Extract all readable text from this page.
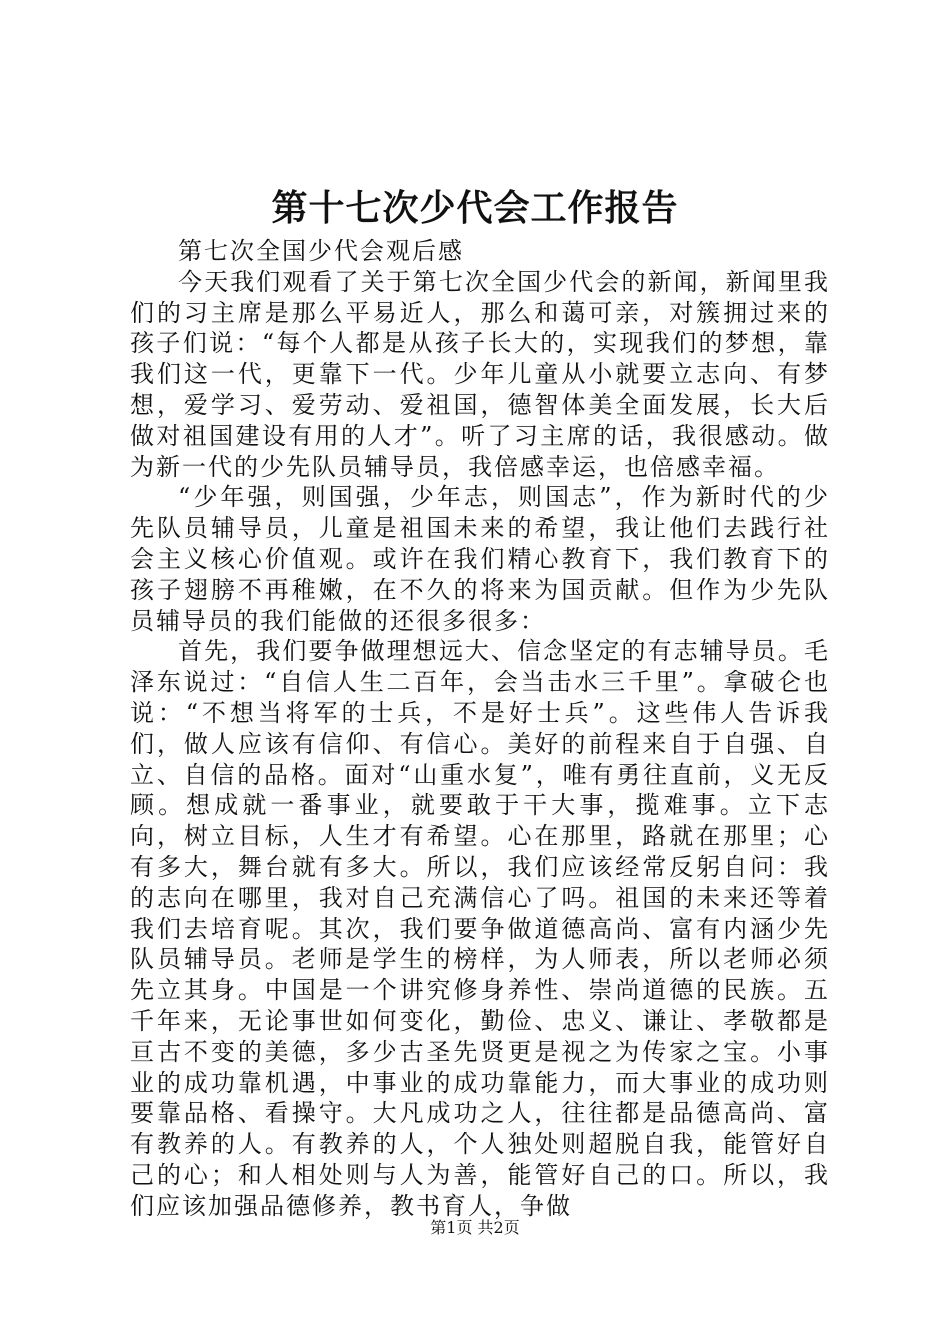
第十七次少代会工作报告

第七次全国少代会观后感

今天我们观看了关于第七次全国少代会的新闻，新闻里我们的习主席是那么平易近人，那么和蔼可亲，对簇拥过来的孩子们说：“每个人都是从孩子长大的，实现我们的梦想，靠我们这一代，更靠下一代。少年儿童从小就要立志向、有梦想，爱学习、爱劳动、爱祖国，德智体美全面发展，长大后做对祖国建设有用的人才”。听了习主席的话，我很感动。做为新一代的少先队员辅导员，我倍感幸运，也倍感幸福。

“少年强，则国强，少年志，则国志”，作为新时代的少先队员辅导员，儿童是祖国未来的希望，我让他们去践行社会主义核心价值观。或许在我们精心教育下，我们教育下的孩子翅膀不再稚嫩，在不久的将来为国贡献。但作为少先队员辅导员的我们能做的还很多很多：

首先，我们要争做理想远大、信念坚定的有志辅导员。毛泽东说过：“自信人生二百年，会当击水三千里”。拿破仑也说：“不想当将军的士兵，不是好士兵”。这些伟人告诉我们，做人应该有信仰、有信心。美好的前程来自于自强、自立、自信的品格。面对“山重水复”，唯有勇往直前，义无反顾。想成就一番事业，就要敢于干大事，揽难事。立下志向，树立目标，人生才有希望。心在那里，路就在那里；心有多大，舞台就有多大。所以，我们应该经常反躬自问：我的志向在哪里，我对自己充满信心了吗。祖国的未来还等着我们去培育呢。其次，我们要争做道德高尚、富有内涵少先队员辅导员。老师是学生的榜样，为人师表，所以老师必须先立其身。中国是一个讲究修身养性、崇尚道德的民族。五千年来，无论事世如何变化，勤俭、忠义、谦让、孝敬都是亘古不变的美德，多少古圣先贤更是视之为传家之宝。小事业的成功靠机遇，中事业的成功靠能力，而大事业的成功则要靠品格、看操守。大凡成功之人，往往都是品德高尚、富有教养的人。有教养的人，个人独处则超脱自我，能管好自己的心；和人相处则与人为善，能管好自己的口。所以，我们应该加强品德修养，教书育人，争做

第1页 共2页
